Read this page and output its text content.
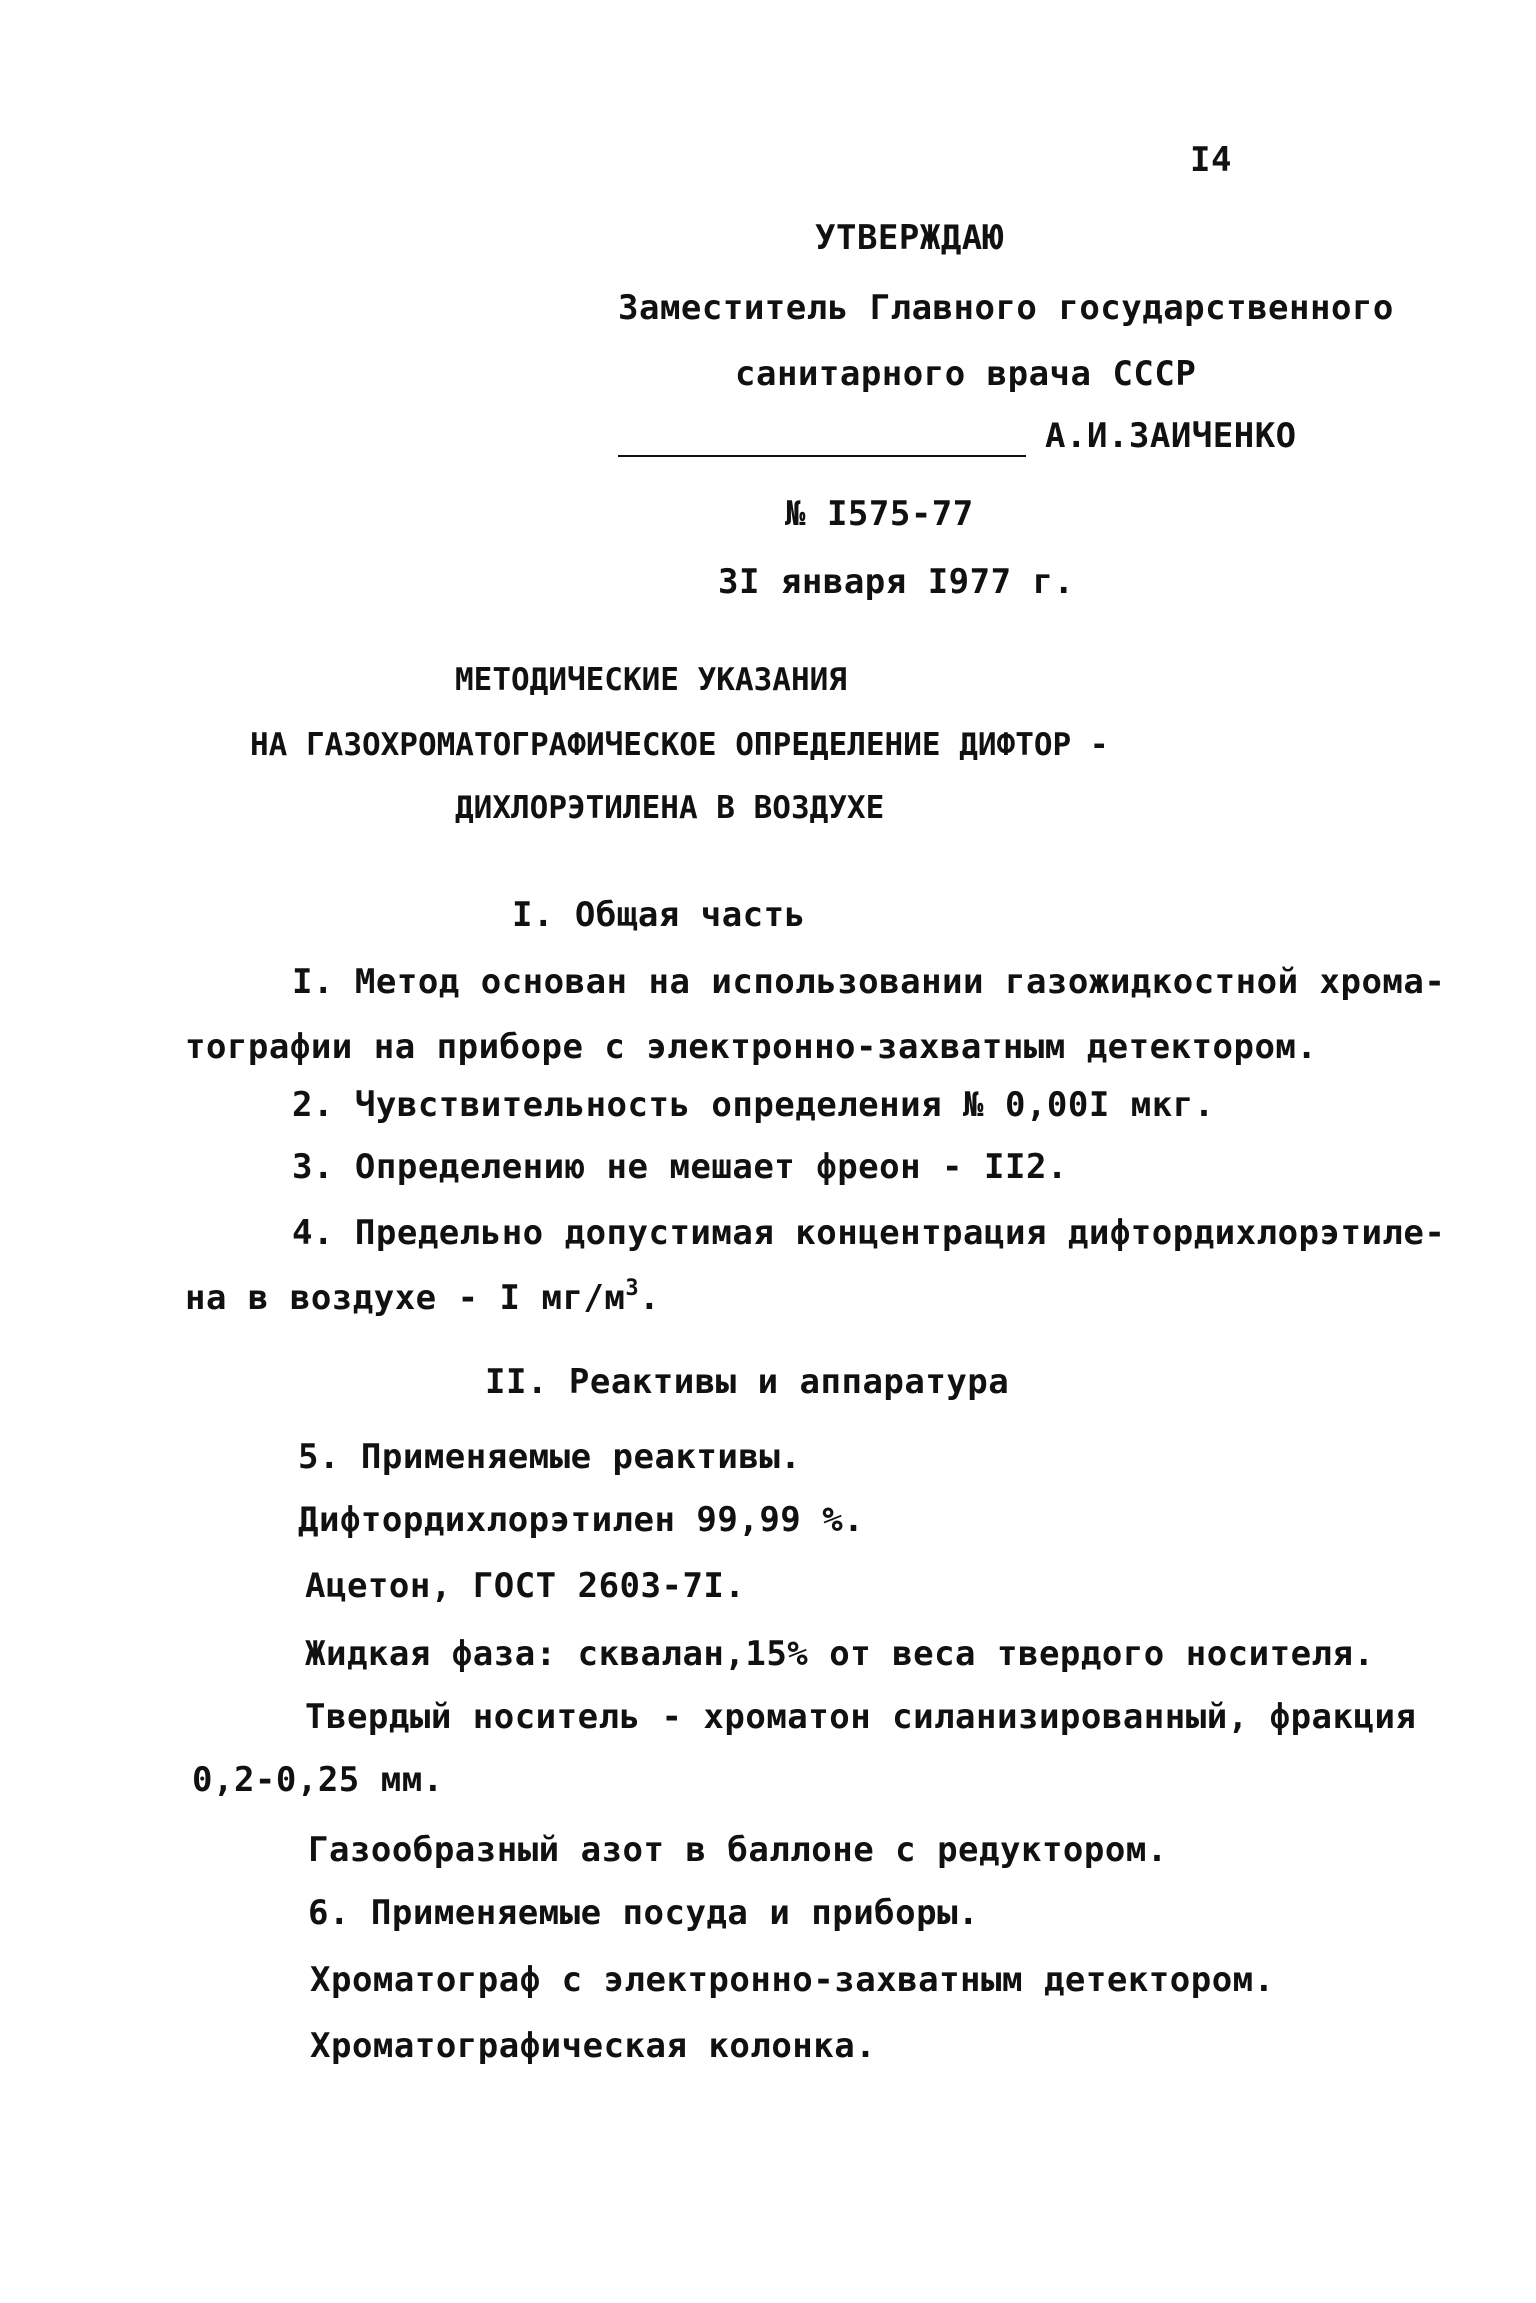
I4
УТВЕРЖДАЮ
Заместитель Главного государственного
санитарного врача СССР
А.И.ЗАИЧЕНКО
№ I575-77
3I января I977 г.
МЕТОДИЧЕСКИЕ УКАЗАНИЯ
НА ГАЗОХРОМАТОГРАФИЧЕСКОЕ ОПРЕДЕЛЕНИЕ ДИФТОР -
ДИХЛОРЭТИЛЕНА В ВОЗДУХЕ
I. Общая часть
I. Метод основан на использовании газожидкостной хрома-
тографии на приборе с электронно-захватным детектором.
2. Чувствительность определения № 0,00I мкг.
3. Определению не мешает фреон - II2.
4. Предельно допустимая концентрация дифтордихлорэтиле-
на в воздухе - I $мг/м^3$.
II. Реактивы и аппаратура
5. Применяемые реактивы.
Дифтордихлорэтилен 99,99 %.
Ацетон, ГОСТ 2603-7I.
Жидкая фаза: сквалан,15% от веса твердого носителя.
Твердый носитель - хроматон силанизированный, фракция
0,2-0,25 мм.
Газообразный азот в баллоне с редуктором.
6. Применяемые посуда и приборы.
Хроматограф с электронно-захватным детектором.
Хроматографическая колонка.
